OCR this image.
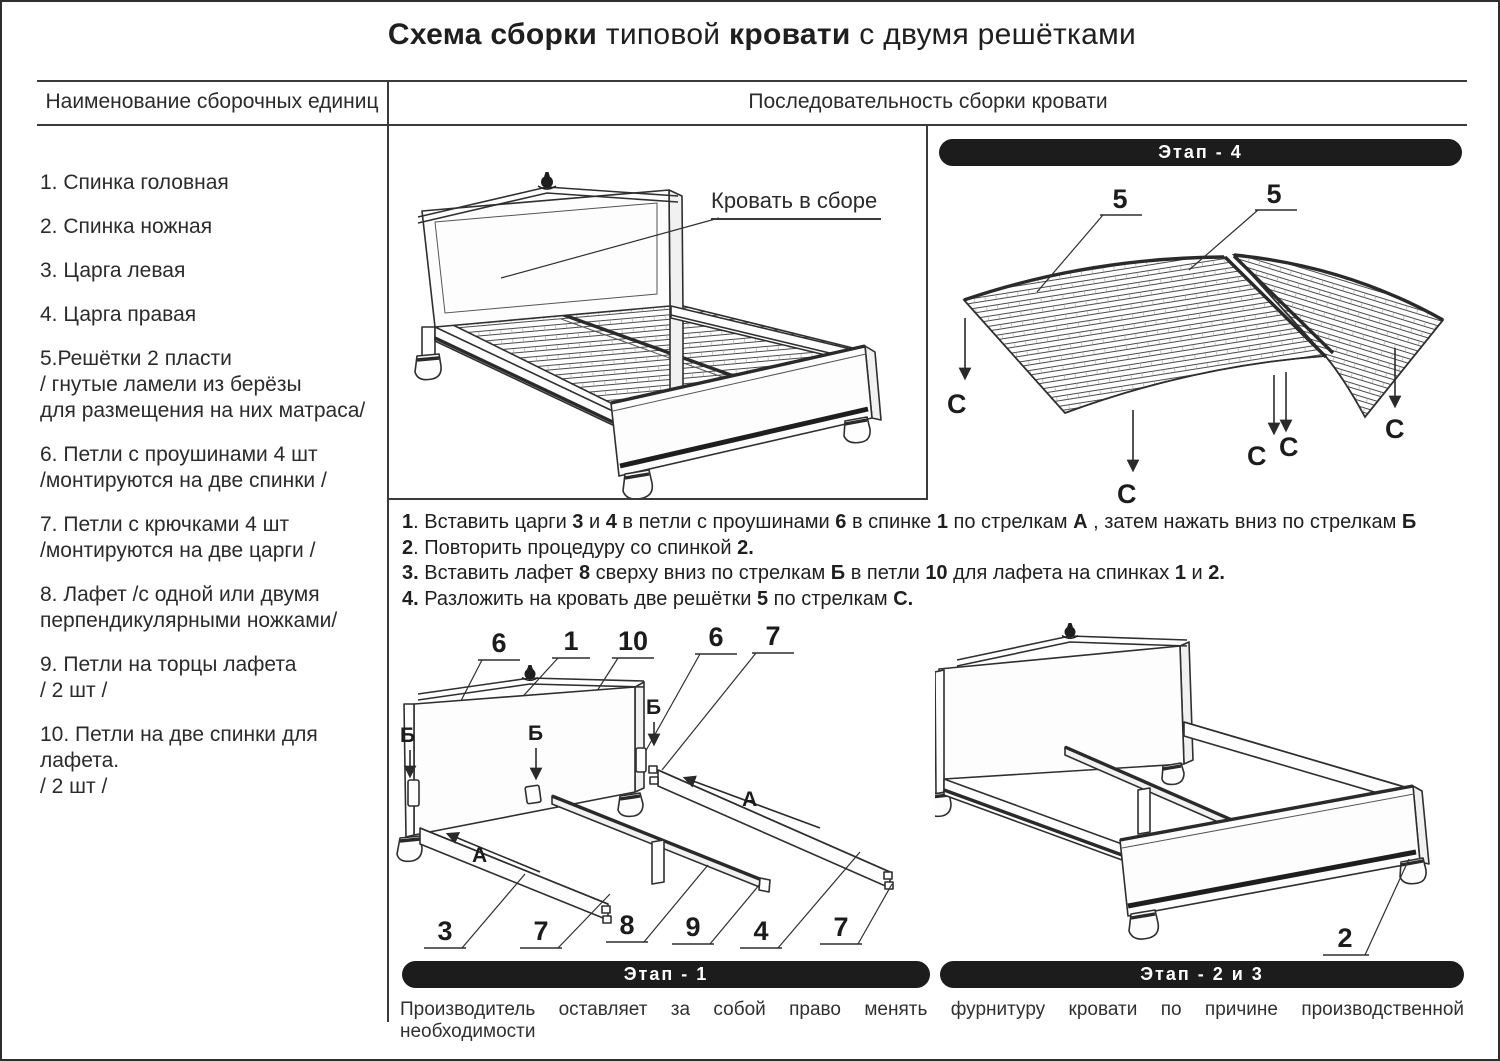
Схема сборки типовой кровати с двумя решётками
Наименование сборочных единиц	Последовательность сборки кровати
1. Спинка головная
2. Спинка ножная
3. Царга левая
4. Царга правая
5.Решётки 2 пласти
/ гнутые ламели из берёзы
для размещения на них матраса/
6. Петли с проушинами 4 шт
/монтируются на две спинки /
7. Петли с крючками 4 шт
/монтируются на две царги /
8. Лафет /с одной или двумя
перпендикулярными ножками/
9. Петли на торцы лафета
/ 2 шт /
10. Петли на две спинки для лафета.
/ 2 шт /
Кровать в сборе
Этап - 4
5	5
С
С
С С
С
1. Вставить царги 3 и 4 в петли с проушинами 6 в спинке 1 по стрелкам А , затем нажать вниз по стрелкам Б
2. Повторить процедуру со спинкой 2.
3. Вставить лафет 8 сверху вниз по стрелкам Б в петли 10 для лафета на спинках 1 и 2.
4. Разложить на кровать две решётки 5 по стрелкам С.
6 1 10 6 7
Б	Б
Б
А
А
3	7	8 9 4 7
Этап - 1
2
Этап - 2 и 3
Производитель оставляет за собой право менять фурнитуру кровати по причине производственной необходимости
